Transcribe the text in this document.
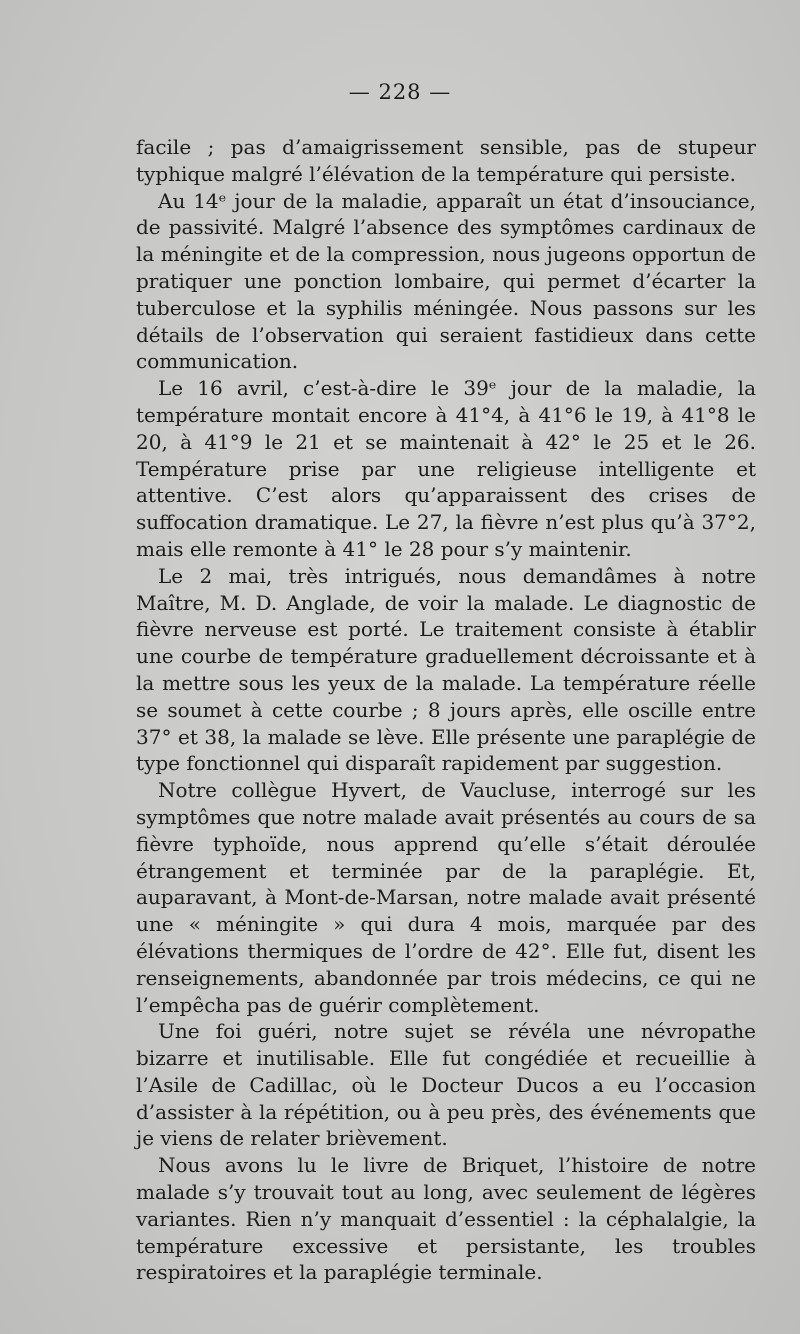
— 228 —

facile ; pas d’amaigrissement sensible, pas de stupeur typhique malgré l’élévation de la température qui persiste.

Au 14ᵉ jour de la maladie, apparaît un état d’insouciance, de passivité. Malgré l’absence des symptômes cardinaux de la méningite et de la compression, nous jugeons opportun de pratiquer une ponction lombaire, qui permet d’écarter la tuberculose et la syphilis méningée. Nous passons sur les détails de l’observation qui seraient fastidieux dans cette communication.

Le 16 avril, c’est-à-dire le 39ᵉ jour de la maladie, la température montait encore à 41°4, à 41°6 le 19, à 41°8 le 20, à 41°9 le 21 et se maintenait à 42° le 25 et le 26. Température prise par une religieuse intelligente et attentive. C’est alors qu’apparaissent des crises de suffocation dramatique. Le 27, la fièvre n’est plus qu’à 37°2, mais elle remonte à 41° le 28 pour s’y maintenir.

Le 2 mai, très intrigués, nous demandâmes à notre Maître, M. D. Anglade, de voir la malade. Le diagnostic de fièvre nerveuse est porté. Le traitement consiste à établir une courbe de température graduellement décroissante et à la mettre sous les yeux de la malade. La température réelle se soumet à cette courbe ; 8 jours après, elle oscille entre 37° et 38, la malade se lève. Elle présente une paraplégie de type fonctionnel qui disparaît rapidement par suggestion.

Notre collègue Hyvert, de Vaucluse, interrogé sur les symptômes que notre malade avait présentés au cours de sa fièvre typhoïde, nous apprend qu’elle s’était déroulée étrangement et terminée par de la paraplégie. Et, auparavant, à Mont-de-Marsan, notre malade avait présenté une « méningite » qui dura 4 mois, marquée par des élévations thermiques de l’ordre de 42°. Elle fut, disent les renseignements, abandonnée par trois médecins, ce qui ne l’empêcha pas de guérir complètement.

Une foi guéri, notre sujet se révéla une névropathe bizarre et inutilisable. Elle fut congédiée et recueillie à l’Asile de Cadillac, où le Docteur Ducos a eu l’occasion d’assister à la répétition, ou à peu près, des événements que je viens de relater brièvement.

Nous avons lu le livre de Briquet, l’histoire de notre malade s’y trouvait tout au long, avec seulement de légères variantes. Rien n’y manquait d’essentiel : la céphalalgie, la température excessive et persistante, les troubles respiratoires et la paraplégie terminale.
